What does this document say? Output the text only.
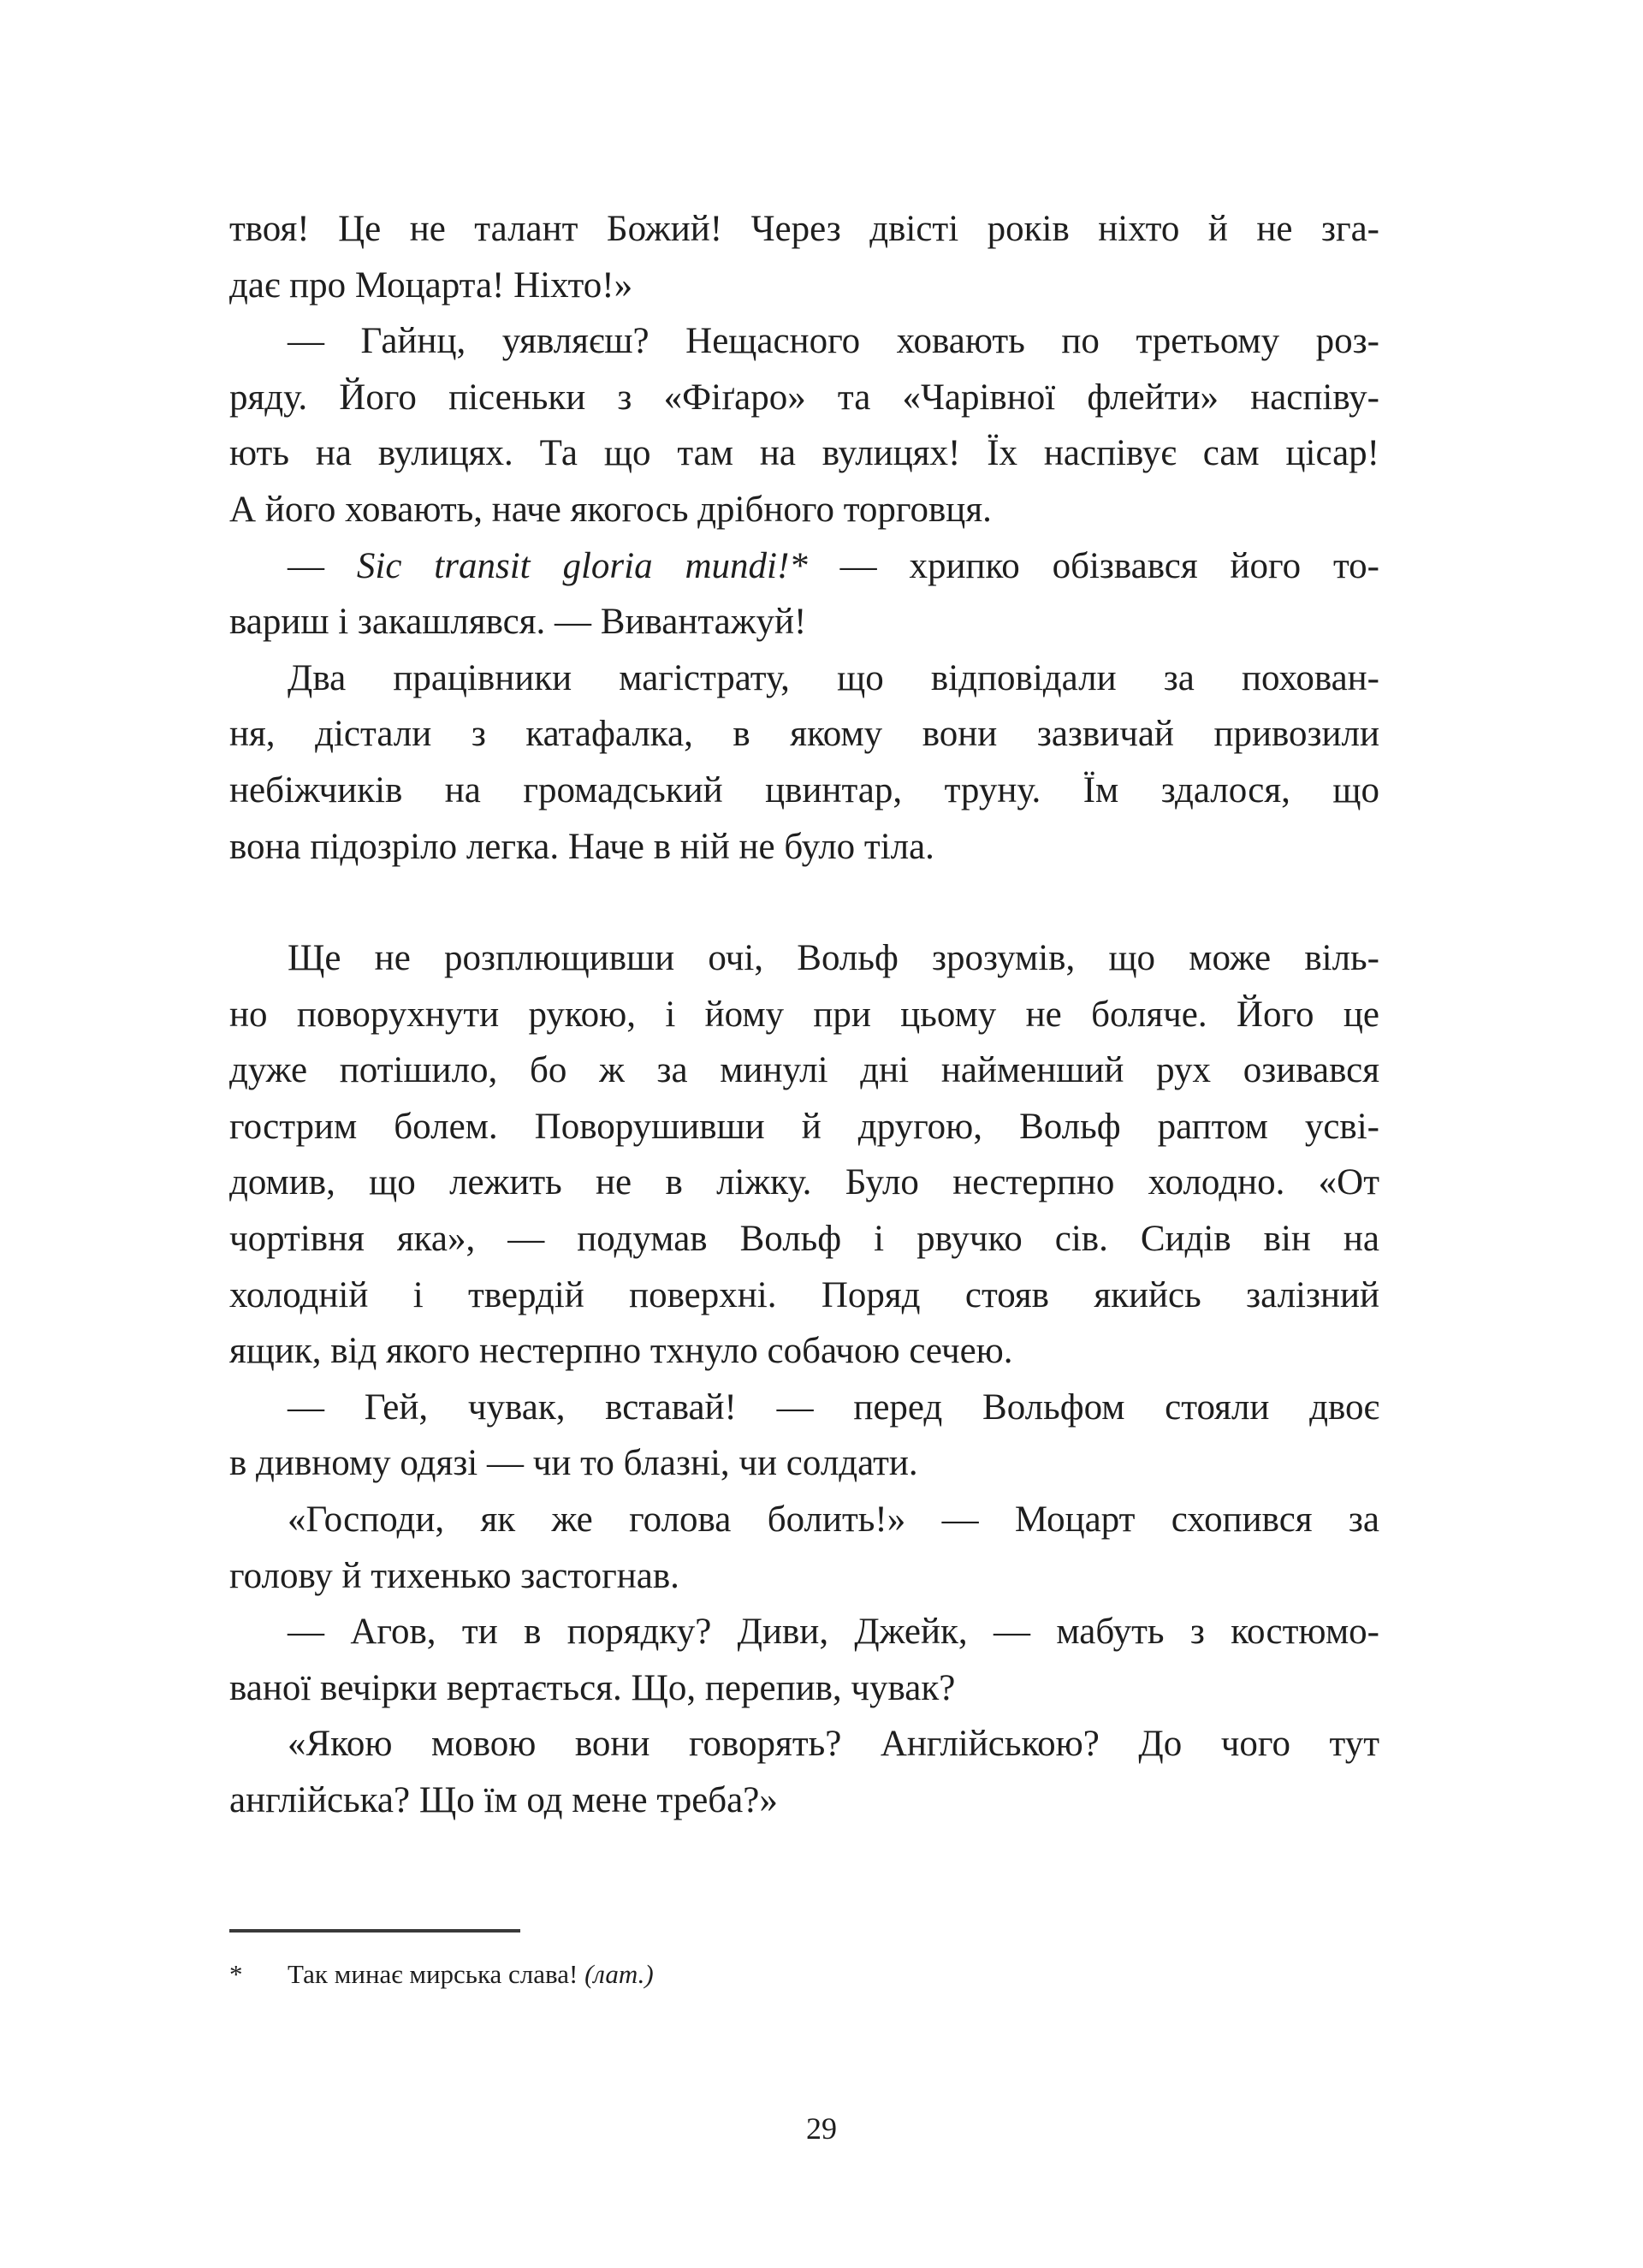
твоя! Це не талант Божий! Через двісті років ніхто й не зга-
дає про Моцарта! Ніхто!»
— Гайнц, уявляєш? Нещасного ховають по третьому роз-
ряду. Його пісеньки з «Фіґаро» та «Чарівної флейти» наспіву-
ють на вулицях. Та що там на вулицях! Їх наспівує сам цісар!
А його ховають, наче якогось дрібного торговця.
— Sic transit gloria mundi!* — хрипко обізвався його то-
вариш і закашлявся. — Вивантажуй!
Два працівники магістрату, що відповідали за похован-
ня, дістали з катафалка, в якому вони зазвичай привозили
небіжчиків на громадський цвинтар, труну. Їм здалося, що
вона підозріло легка. Наче в ній не було тіла.
Ще не розплющивши очі, Вольф зрозумів, що може віль-
но поворухнути рукою, і йому при цьому не боляче. Його це
дуже потішило, бо ж за минулі дні найменший рух озивався
гострим болем. Поворушивши й другою, Вольф раптом усві-
домив, що лежить не в ліжку. Було нестерпно холодно. «От
чортівня яка», — подумав Вольф і рвучко сів. Сидів він на
холодній і твердій поверхні. Поряд стояв якийсь залізний
ящик, від якого нестерпно тхнуло собачою сечею.
— Гей, чувак, вставай! — перед Вольфом стояли двоє
в дивному одязі — чи то блазні, чи солдати.
«Господи, як же голова болить!» — Моцарт схопився за
голову й тихенько застогнав.
— Агов, ти в порядку? Диви, Джейк, — мабуть з костюмо-
ваної вечірки вертається. Що, перепив, чувак?
«Якою мовою вони говорять? Англійською? До чого тут
англійська? Що їм од мене треба?»
* Так минає мирська слава! (лат.)
29
